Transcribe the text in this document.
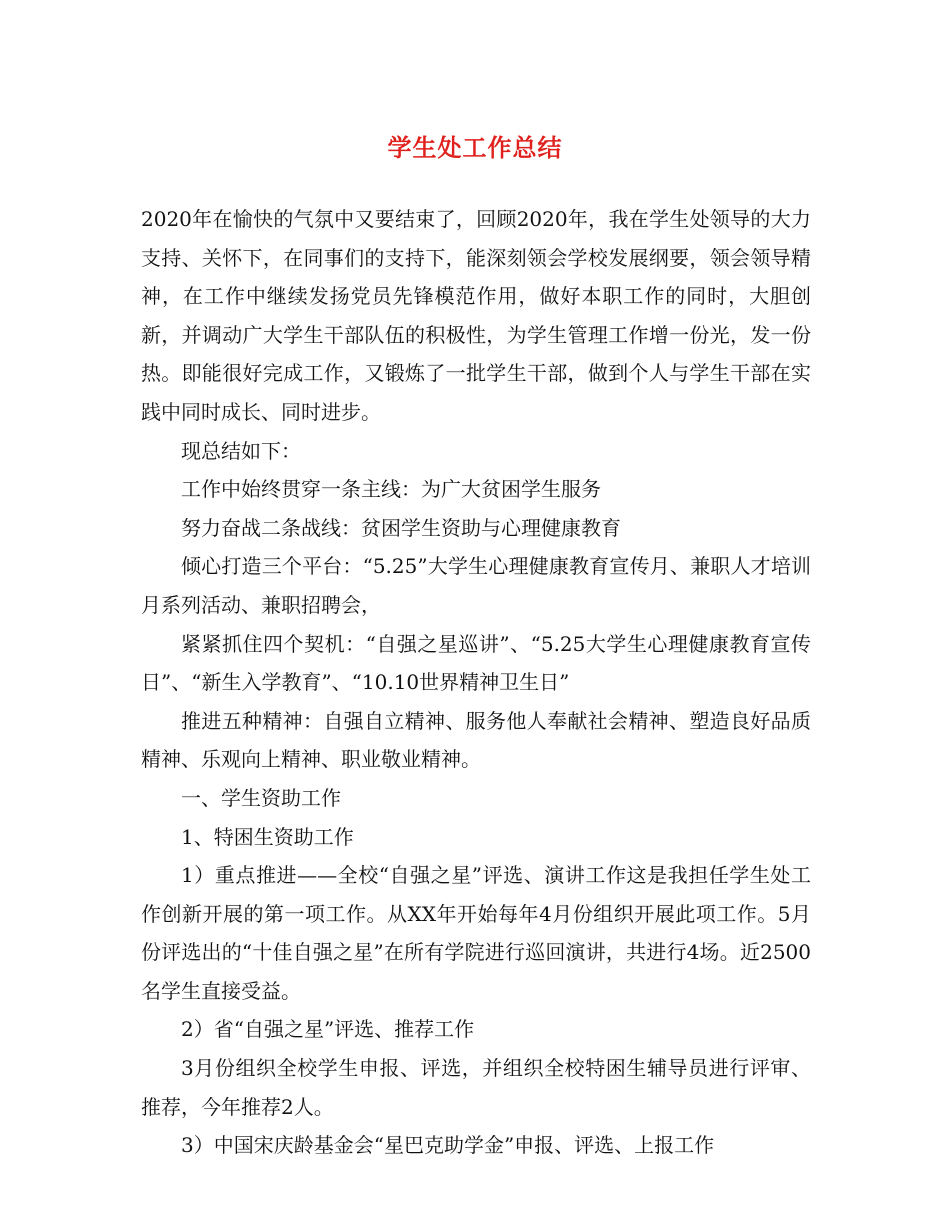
学生处工作总结

2020年在愉快的气氛中又要结束了，回顾2020年，我在学生处领导的大力支持、关怀下，在同事们的支持下，能深刻领会学校发展纲要，领会领导精神，在工作中继续发扬党员先锋模范作用，做好本职工作的同时，大胆创新，并调动广大学生干部队伍的积极性，为学生管理工作增一份光，发一份热。即能很好完成工作，又锻炼了一批学生干部，做到个人与学生干部在实践中同时成长、同时进步。

现总结如下：

工作中始终贯穿一条主线：为广大贫困学生服务

努力奋战二条战线：贫困学生资助与心理健康教育

倾心打造三个平台：“5.25”大学生心理健康教育宣传月、兼职人才培训月系列活动、兼职招聘会，

紧紧抓住四个契机：“自强之星巡讲”、“5.25大学生心理健康教育宣传日”、“新生入学教育”、“10.10世界精神卫生日”

推进五种精神：自强自立精神、服务他人奉献社会精神、塑造良好品质精神、乐观向上精神、职业敬业精神。

一、学生资助工作

1、特困生资助工作

1）重点推进——全校“自强之星”评选、演讲工作这是我担任学生处工作创新开展的第一项工作。从XX年开始每年4月份组织开展此项工作。5月份评选出的“十佳自强之星”在所有学院进行巡回演讲，共进行4场。近2500名学生直接受益。

2）省“自强之星”评选、推荐工作

3月份组织全校学生申报、评选，并组织全校特困生辅导员进行评审、推荐，今年推荐2人。

3）中国宋庆龄基金会“星巴克助学金”申报、评选、上报工作
